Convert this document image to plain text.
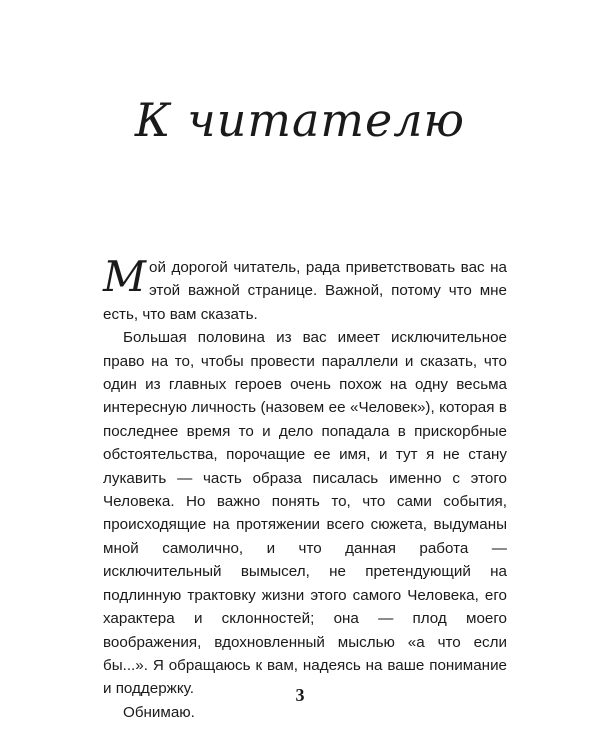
К читателю

Мой дорогой читатель, рада приветствовать вас на этой важной странице. Важной, потому что мне есть, что вам сказать.

Большая половина из вас имеет исключительное право на то, чтобы провести параллели и сказать, что один из главных героев очень похож на одну весьма интересную личность (назовем ее «Человек»), которая в последнее время то и дело попадала в прискорбные обстоятельства, порочащие ее имя, и тут я не стану лукавить — часть образа писалась именно с этого Человека. Но важно понять то, что сами события, происходящие на протяжении всего сюжета, выдуманы мной самолично, и что данная работа — исключительный вымысел, не претендующий на подлинную трактовку жизни этого самого Человека, его характера и склонностей; она — плод моего воображения, вдохновленный мыслью «а что если бы...». Я обращаюсь к вам, надеясь на ваше понимание и поддержку.

Обнимаю.

3
